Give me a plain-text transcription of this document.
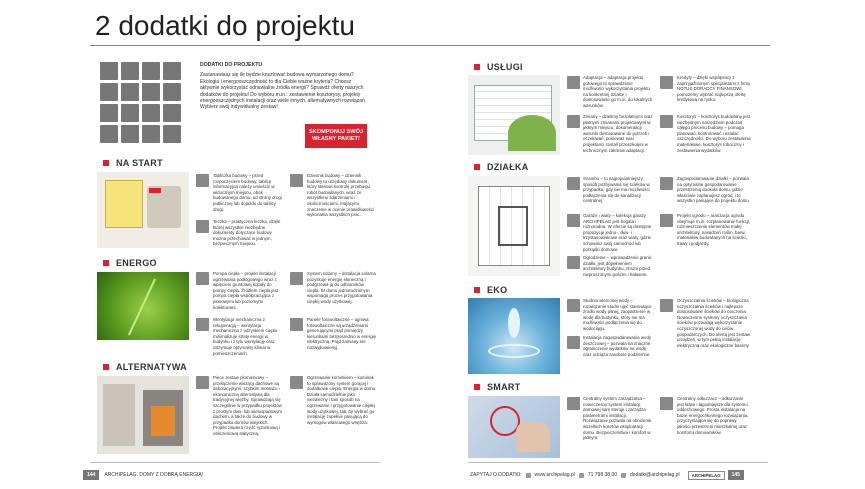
2 dodatki do projektu
DODATKI DO PROJEKTU
Zastanawiasz się ile będzie kosztować budowa wymarzonego domu? Ekologia i energooszczędność to dla Ciebie ważne kryteria? Chcesz aktywnie wykorzystać odnawialne źródła energii? Sprawdź oferty naszych dodatków do projektu! Do wyboru m.in.: zestawienie kosztorysy, projekty energooszczędnych instalacji oraz wiele innych, alternatywnych rozwiązań. Wybierz swój indywidualny zestaw!
SKOMPONUJ SWÓJ WŁASNY PAKIET!
NA START
Tabliczka budowy – przed rozpoczęciem budowy, tablicę informacyjną należy umieścić w widocznym miejscu, obok budowanego domu, od strony drogi publicznej lub dojazdu do tablicy drogi.
Teczka – praktyczna teczka, dzięki której wszystkie niezbędne dokumenty dotyczące budowy można przechować w jednym, bezpiecznym miejscu.
Dziennik budowy – dziennik budowy to urzędowy dokument, który stanowi kontrolę przebiegu robót budowlanych, wraz ze wszystkimi zdarzeniami i okolicznościami, mającymi znaczenie w ocenie prawidłowości wykonania wszystkich prac.
ENERGO
Pompa ciepła – projekt instalacji ogrzewania podłogowego wraz z wpięciem gruntowej kopuły do pompy ciepła. Źródłem ciepła jest pompa ciepła współpracująca z pionowymi lub poziomymi kolektorami.
Wentylacja mechaniczna z rekuperacją – wentylacja mechaniczna z odzyskiem ciepła minimalizuje straty energii w budynku i z tylu wentylację oraz utrzymuje optymalny klimat w pomieszczeniach.
System solarny – instalacja solarna pozyskuje energię słoneczną i podgrzewa ją do odbiorników ciepła. W domu jednorodzinnym wspomaga proces przygotowania ciepłej wody użytkowej.
Panele fotowoltaiczne – ogniwa fotowoltaiczne są urządzeniami generującymi prąd pomiędzy kierunkami bezpośrednio w energię elektryczną. Prąd zamiany nie nazwyjkowienyj.
ALTERNATYWA
Piece zestaw płomieniowy – przełączenie wiszący dachowe są dekoracyjnymi, szybkim montażu i ekonomiczną alternatywą dla tradycyjnej więźby. Sprawdzają się szczególnie w przypadku projektów z prostym dwu- lub wielospadowym dachem, a także do budowy w przypadku domów wiejskich. Projekt zawiera część ryzunkową i obliczeniową statyczną.
Ogrzewanie kominkiem – kominek to sprawdzony system gorącej i dodatkowe ciepła. Energia w domu. Działa samodzielnie jako niezależny i tani sposób na ogrzewanie i przygotowanie ciepłej wody użytkowej, tak, by wybrać go instalację zupełnie pasującą do wymogów właściwego wnętrza.
USŁUGI
Adaptacja – adaptacja projektu gotowego to sprawdzenie możliwości wykorzystania projektu na konkretnej działce i dostosowanie go m.in. do lokalnych warunków.
Zmiany – dzielimy bezpłatnymi oraz płatnymi zmianami projektowymi w jednym miejscu, dokumentacji warunki dostosowane do potrzeb i oczekiwań, ponieważ nasi projektanci zostali przeszkoleni w technicznym zakresie adaptacji.
Kredyty – dzięki współpracy z zaprzyjaźnionym specjalistami z firmy NOTUS DORADCY FINANSOWI, pomożemy wybrać najlepszą ofertę kredytową na rynku.
Kosztorys – kosztorys budowlany jest niezbędnym narzędziem podczas całego procesu budowy – pomaga planować, kontrolować i ustalać oszczędności. Do wyboru zestawienie materiałowe, kosztorys robocizny i zestawienia wydatków.
DZIAŁKA
Szambo – to najpopularniejszy sposób pozbywania się ścieków w przypadku, gdy nie ma możliwości podłączenia się do kanalizacji centralnej.
Garaże i wiaty – kolekcja garaży ARCHIPELAG jest bogata i różnorodna. W ofercie są dostępne propozycje jedno-, dwu- i trzystanowiskowe oraz wiaty, gdzie schowasz swój samochód lub porządki domowe.
Ogrodzenie – wprowadzenie granic działki, jest dopełnieniem architektury budynku, chroni przed nieproszonymi gośćmi i hałasem.
Zagospodarowanie działki – pozwala na optymalne gospodarowanie przestrzenią dookoła domu, gdzie właściwie zaplanujesz ogród, i to wszystko pasujące do projektu domu.
Projekt ogrodu – aranżacja ogrodu obejmuje m.in. rozplanowanie funkcji, rozmieszczenie elementów małej architektury, nasadzeń roślin, barw, materiałów budowlanych na ścieżki, trawy i podjazdy.
EKO
Studnia wierconej wody – rozwiązanie studni ujęć stanowiące źródło wody pitnej, zaopatrzenie w wodę dla budynku, który nie ma możliwości podłączenia się do wodociągu.
Instalacja zagospodarowania wody deszczowej – pozwala na znaczne ograniczenie wydatków na wodę oraz odciąża zasobnie podziemne.
Oczyszczalnia ścieków – biologiczna oczyszczalnia ścieków i najlepsze dostosowane ścieków do otoczenia. Nowoczesne systemy oczyszczania ścieków pozwalają wykorzystanie oczyszczonej wody do celów gospodarczych. Do ofertą jest zestaw urządzeń, w tym pełną instalację elektryczną oraz ekologiczne baseny.
SMART
Centralny system zarządzania – nowoczesny system instalacji domowej sam steruje i zarządza parametrami instalacji. Rozwiązanie pozwala na obniżenie wszelkich kosztów eksploatacji domu. Bezpieczeństwo i komfort w jednym.
Centralny odkurzacz – odkurzanie jest łatwe i łagodniejsze dla systemu oddechowego. Prosta instalacja na bazie energochłonnego rozwiązania, przyczyniająca się do poprawy jakości przestrzeni mieszkalnej oraz komfortu domowników.
144	ARCHIPELAG. DOMY Z DOBRĄ ENERGIĄ!	ZAPYTAJ O DODATKI:	www.archipelag.pl	71 798 38 00	dodatki@archipelag.pl	ARCHIPELAG	145
